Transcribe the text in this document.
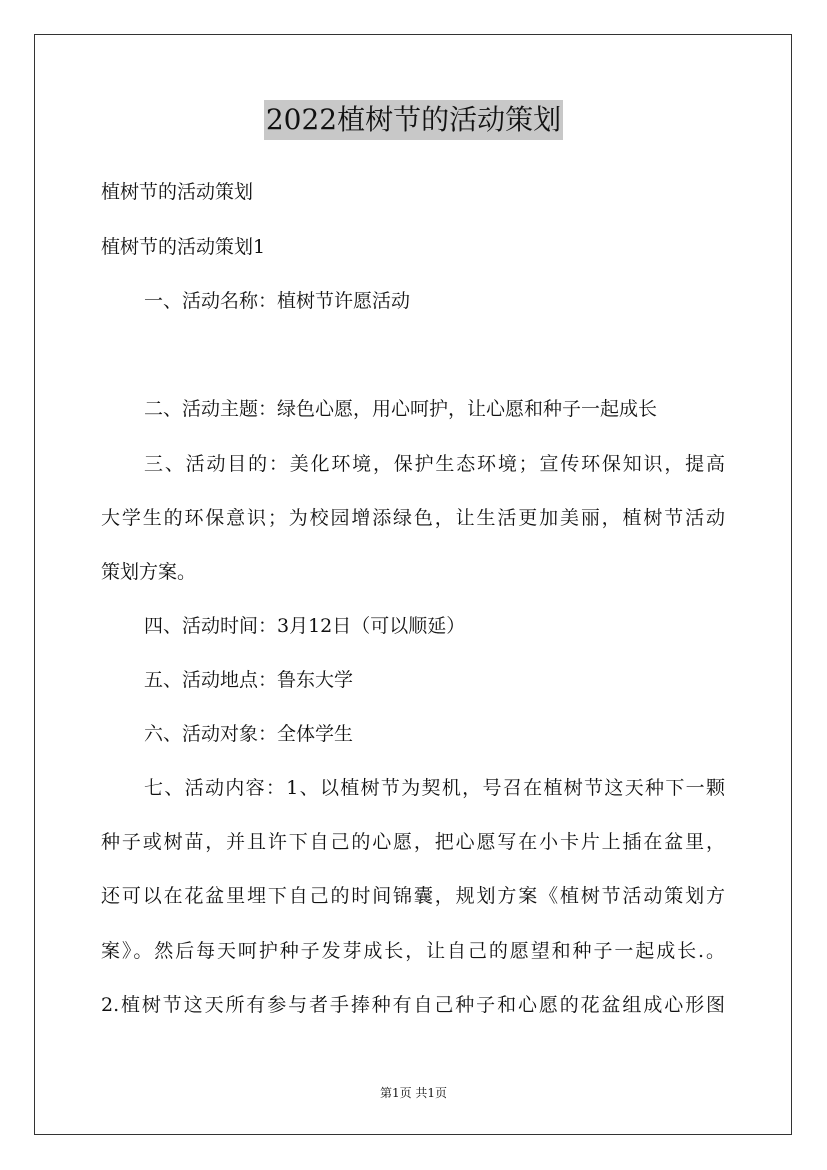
2022植树节的活动策划
植树节的活动策划
植树节的活动策划1
一、活动名称：植树节许愿活动
二、活动主题：绿色心愿，用心呵护，让心愿和种子一起成长
三、活动目的：美化环境，保护生态环境；宣传环保知识，提高
大学生的环保意识；为校园增添绿色，让生活更加美丽，植树节活动
策划方案。
四、活动时间：3月12日（可以顺延）
五、活动地点：鲁东大学
六、活动对象：全体学生
七、活动内容：1、以植树节为契机，号召在植树节这天种下一颗
种子或树苗，并且许下自己的心愿，把心愿写在小卡片上插在盆里，
还可以在花盆里埋下自己的时间锦囊，规划方案《植树节活动策划方
案》。然后每天呵护种子发芽成长，让自己的愿望和种子一起成长.。
2.植树节这天所有参与者手捧种有自己种子和心愿的花盆组成心形图
第1页 共1页
